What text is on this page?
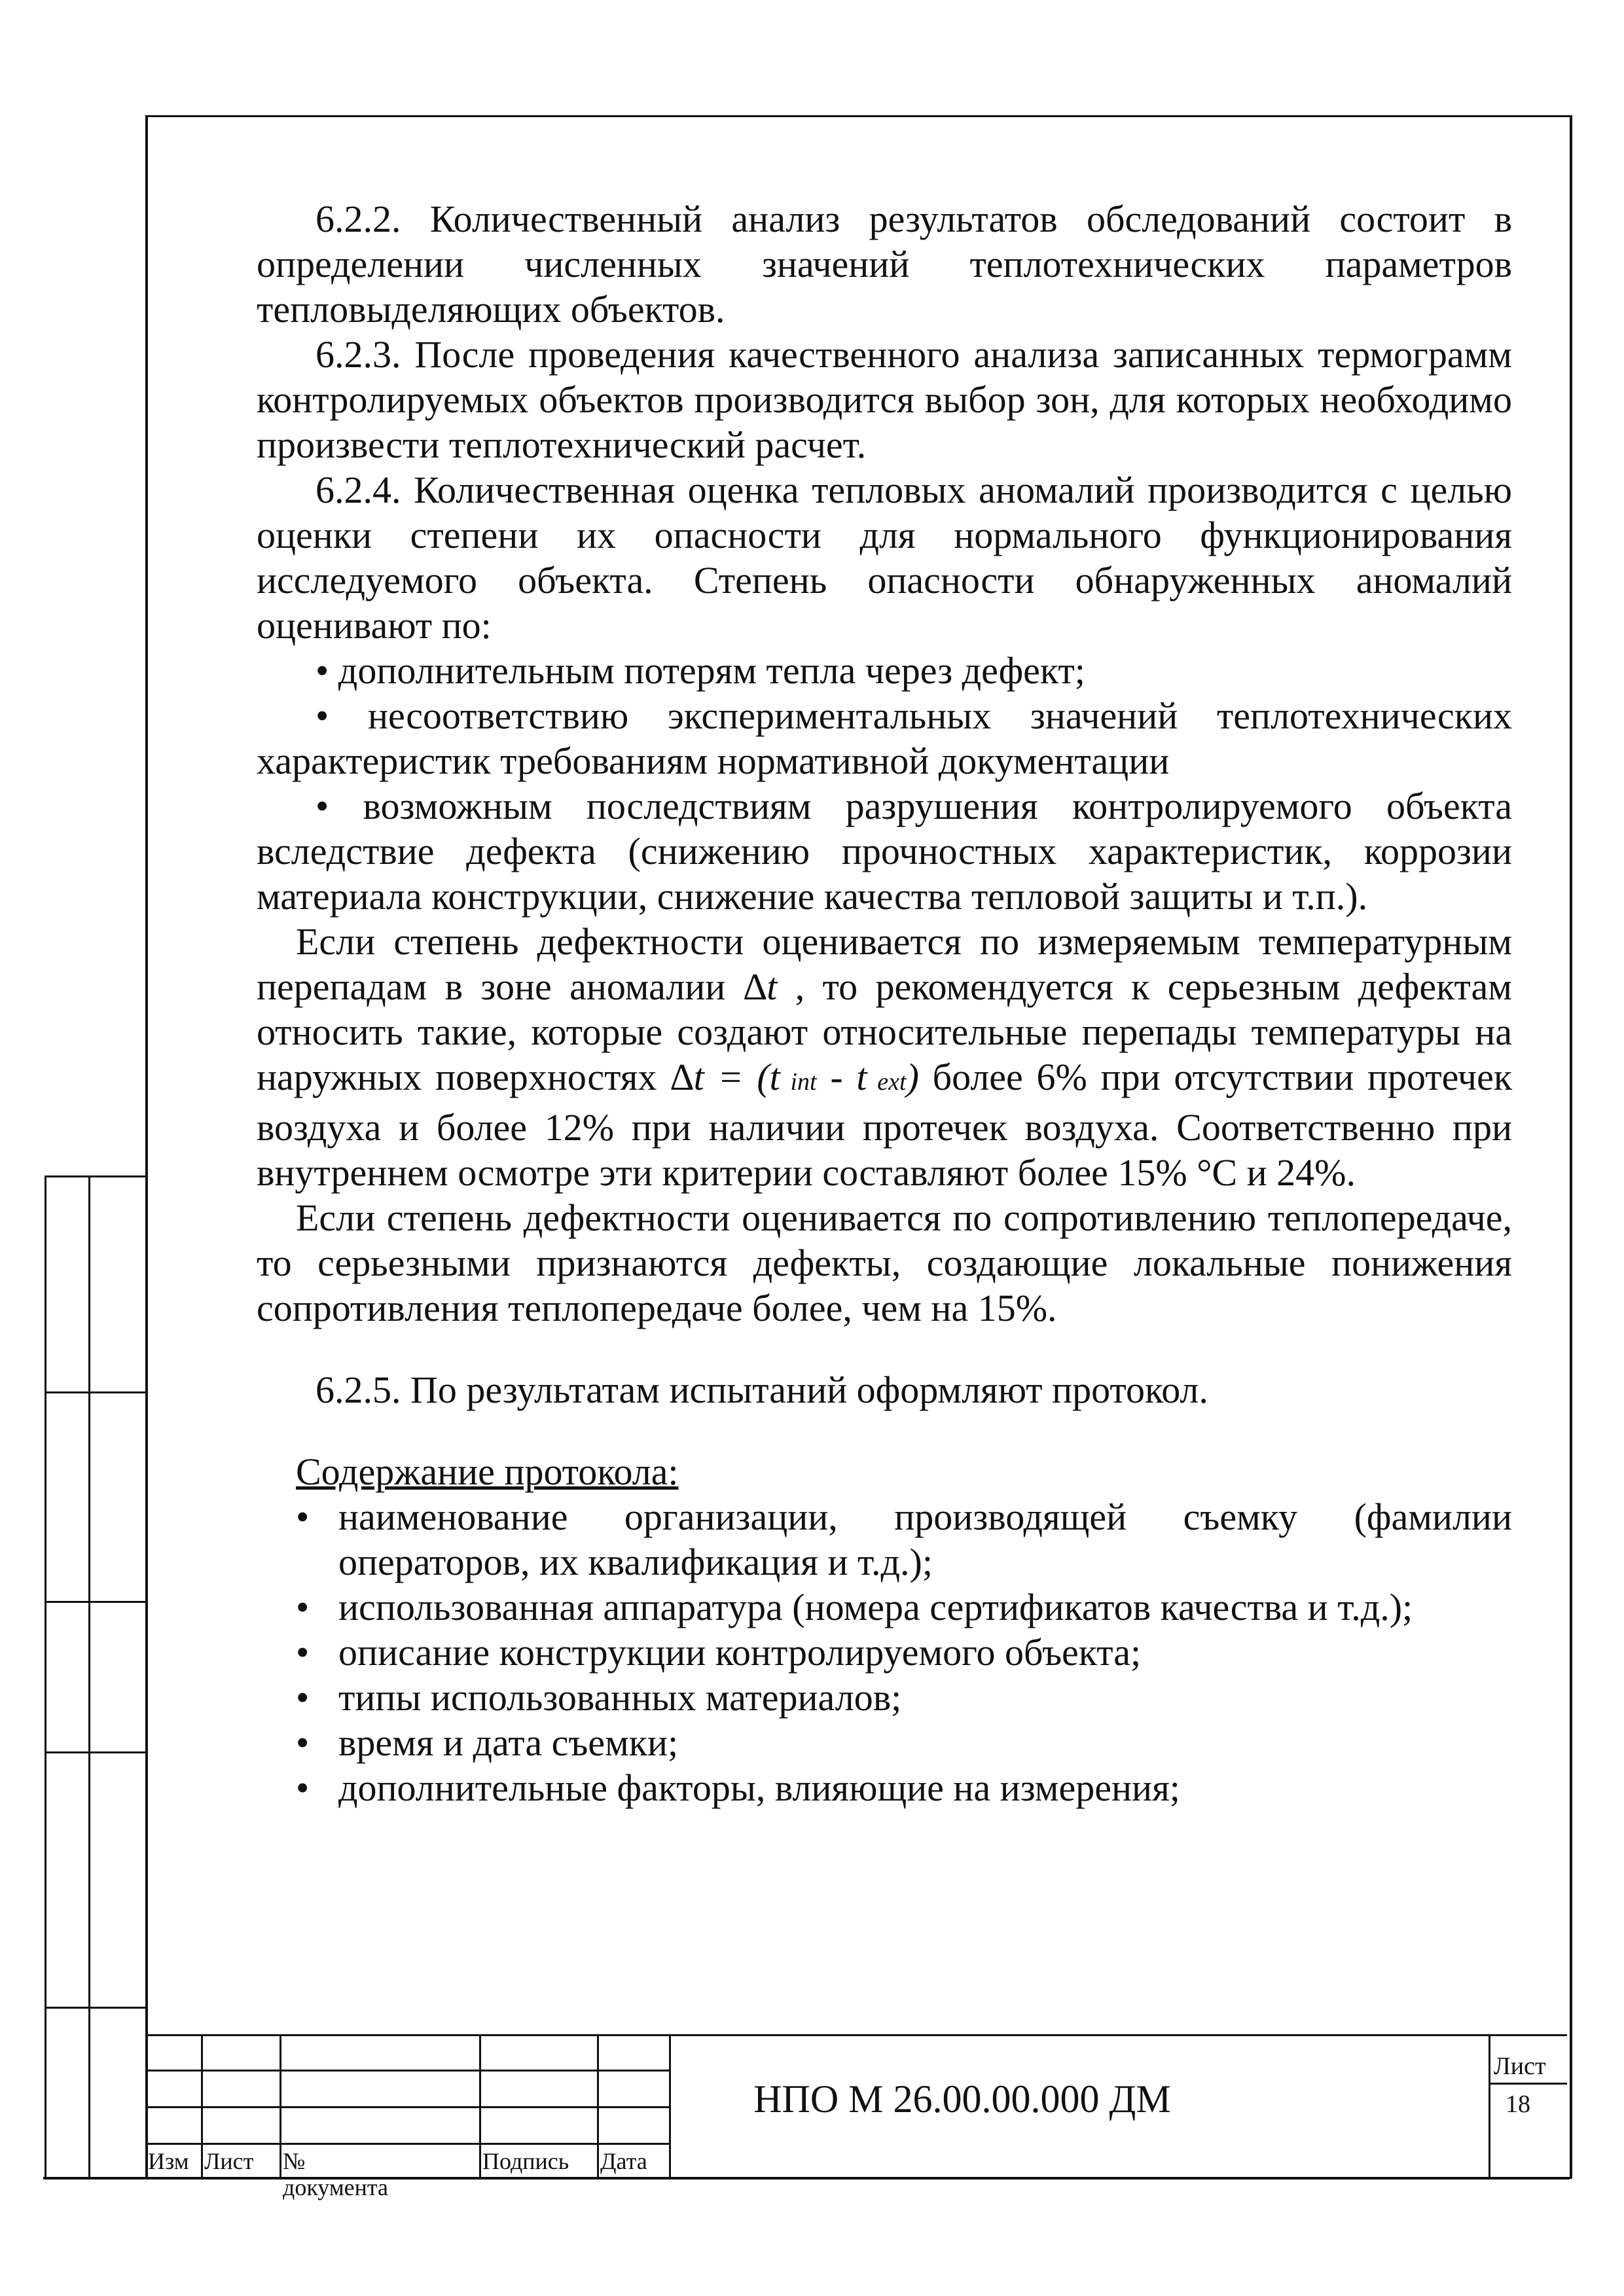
6.2.2. Количественный анализ результатов обследований состоит в определении численных значений теплотехнических параметров тепловыделяющих объектов.

6.2.3. После проведения качественного анализа записанных термограмм контролируемых объектов производится выбор зон, для которых необходимо произвести теплотехнический расчет.

6.2.4. Количественная оценка тепловых аномалий производится с целью оценки степени их опасности для нормального функционирования исследуемого объекта. Степень опасности обнаруженных аномалий оценивают по:

• дополнительным потерям тепла через дефект;

• несоответствию экспериментальных значений теплотехнических характеристик требованиям нормативной документации

• возможным последствиям разрушения контролируемого объекта вследствие дефекта (снижению прочностных характеристик, коррозии материала конструкции, снижение качества тепловой защиты и т.п.).

Если степень дефектности оценивается по измеряемым температурным перепадам в зоне аномалии ∆t , то рекомендуется к серьезным дефектам относить такие, которые создают относительные перепады температуры на наружных поверхностях ∆t = (t int - t ext) более 6% при отсутствии протечек воздуха и более 12% при наличии протечек воздуха. Соответственно при внутреннем осмотре эти критерии составляют более 15% °С и 24%.

Если степень дефектности оценивается по сопротивлению теплопередаче, то серьезными признаются дефекты, создающие локальные понижения сопротивления теплопередаче более, чем на 15%.

6.2.5. По результатам испытаний оформляют протокол.

Содержание протокола:

• наименование организации, производящей съемку (фамилии операторов, их квалификация и т.д.);
• использованная аппаратура (номера сертификатов качества и т.д.);
• описание конструкции контролируемого объекта;
• типы использованных материалов;
• время и дата съемки;
• дополнительные факторы, влияющие на измерения;
Изм Лист № документа
Подпись Дата
НПО М 26.00.00.000 ДМ
Лист
18
